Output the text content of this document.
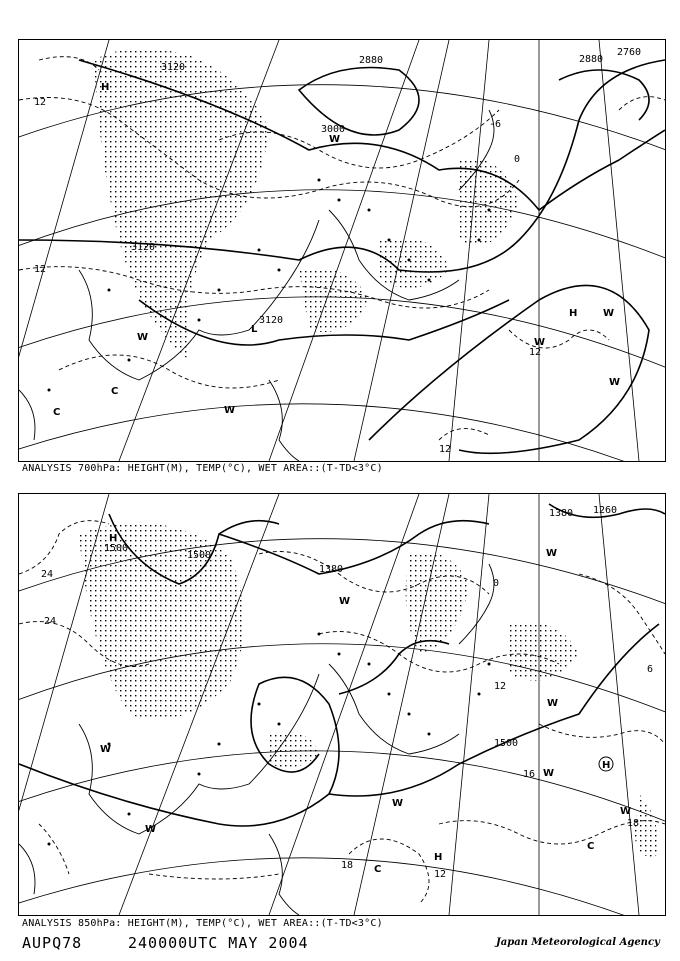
3120
3000
2880	2880
2760
3120
3120
12
12
0
-6
12
12
H
L
W
W
W
W
C
C
H	W
W
ANALYSIS 700hPa: HEIGHT(M), TEMP(°C), WET AREA::(T-TD<3°C)
1500
1500
1380 1260
1500
1380
24
24
12
18
16
18
0
6
12
H
W
W
W
W
H
C
C
W
W
H
W
W
ANALYSIS 850hPa: HEIGHT(M), TEMP(°C), WET AREA::(T-TD<3°C)
AUPQ78	240000UTC MAY 2004	Japan Meteorological Agency
